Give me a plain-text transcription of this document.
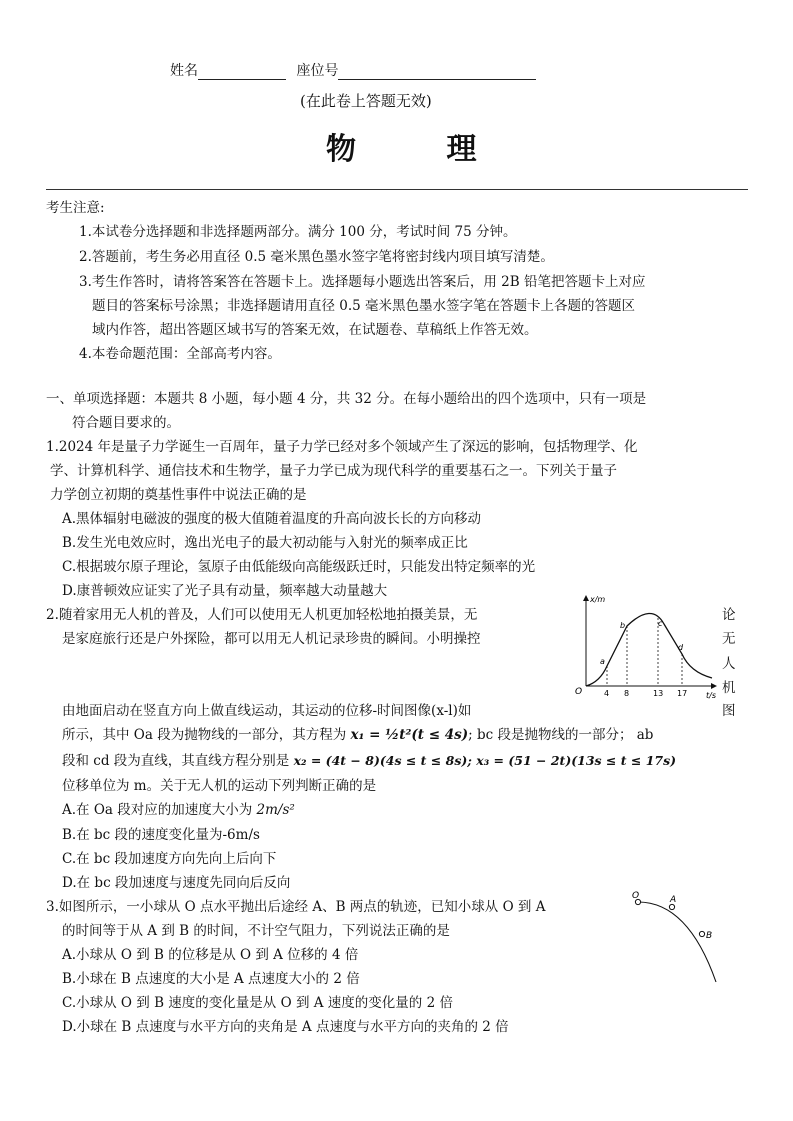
姓名	座位号
(在此卷上答题无效)
物 理
考生注意:
1.本试卷分选择题和非选择题两部分。满分 100 分，考试时间 75 分钟。
2.答题前，考生务必用直径 0.5 毫米黑色墨水签字笔将密封线内项目填写清楚。
3.考生作答时，请将答案答在答题卡上。选择题每小题选出答案后，用 2B 铅笔把答题卡上对应
题目的答案标号涂黑；非选择题请用直径 0.5 毫米黑色墨水签字笔在答题卡上各题的答题区
域内作答，超出答题区域书写的答案无效，在试题卷、草稿纸上作答无效。
4.本卷命题范围：全部高考内容。
一、单项选择题：本题共 8 小题，每小题 4 分，共 32 分。在每小题给出的四个选项中，只有一项是
符合题目要求的。
1.2024 年是量子力学诞生一百周年，量子力学已经对多个领域产生了深远的影响，包括物理学、化
学、计算机科学、通信技术和生物学，量子力学已成为现代科学的重要基石之一。下列关于量子
力学创立初期的奠基性事件中说法正确的是
A.黑体辐射电磁波的强度的极大值随着温度的升高向波长长的方向移动
B.发生光电效应时，逸出光电子的最大初动能与入射光的频率成正比
C.根据玻尔原子理论，氢原子由低能级向高能级跃迁时，只能发出特定频率的光
D.康普顿效应证实了光子具有动量，频率越大动量越大
2.随着家用无人机的普及，人们可以使用无人机更加轻松地拍摄美景，无	论
是家庭旅行还是户外探险，都可以用无人机记录珍贵的瞬间。小明操控	无
人
机
由地面启动在竖直方向上做直线运动，其运动的位移-时间图像(x-l)如	图
x/m
t/s
O	4 8	13 17
a
b	c
d
所示，其中 Oa 段为抛物线的一部分，其方程为 x₁ = ½t²(t ≤ 4s); bc 段是抛物线的一部分； ab
段和 cd 段为直线，其直线方程分别是 x₂ = (4t − 8)(4s ≤ t ≤ 8s); x₃ = (51 − 2t)(13s ≤ t ≤ 17s)
位移单位为 m。关于无人机的运动下列判断正确的是
A.在 Oa 段对应的加速度大小为 2m/s²
B.在 bc 段的速度变化量为-6m/s
C.在 bc 段加速度方向先向上后向下
D.在 bc 段加速度与速度先同向后反向
3.如图所示，一小球从 O 点水平抛出后途经 A、B 两点的轨迹，已知小球从 O 到 A
的时间等于从 A 到 B 的时间，不计空气阻力，下列说法正确的是
A.小球从 O 到 B 的位移是从 O 到 A 位移的 4 倍
B.小球在 B 点速度的大小是 A 点速度大小的 2 倍
C.小球从 O 到 B 速度的变化量是从 O 到 A 速度的变化量的 2 倍
D.小球在 B 点速度与水平方向的夹角是 A 点速度与水平方向的夹角的 2 倍
O	A
B
